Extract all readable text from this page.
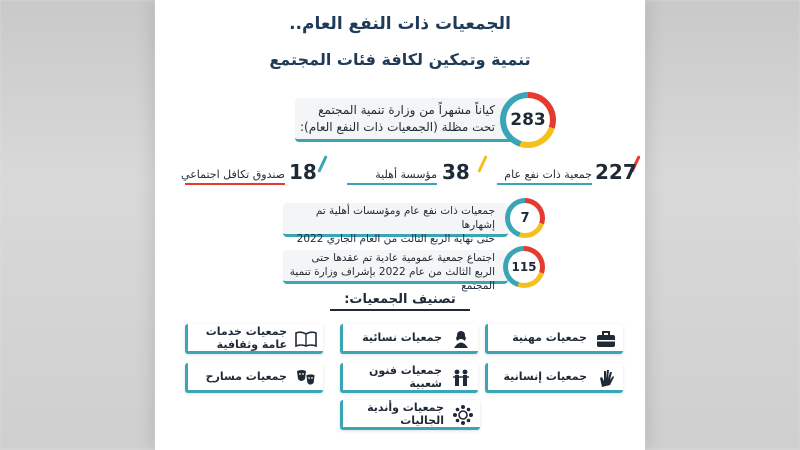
الجمعيات ذات النفع العام..
تنمية وتمكين لكافة فئات المجتمع
كياناً مشهراً من وزارة تنمية المجتمع
تحت مظلة (الجمعيات ذات النفع العام): 283
227
جمعية ذات نفع عام
38
مؤسسة أهلية
18
صندوق تكافل اجتماعي
جمعيات ذات نفع عام ومؤسسات أهلية تم إشهارها
حتى نهاية الربع الثالث من العام الجاري 2022
7
اجتماع جمعية عمومية عادية تم عقدها حتى
الربع الثالث من عام 2022 بإشراف وزارة تنمية المجتمع
115
تصنيف الجمعيات:
جمعيات مهنية
جمعيات نسائية
جمعيات خدمات عامة وثقافية
جمعيات إنسانية
جمعيات فنون شعبية
جمعيات مسارح
جمعيات وأندية الجاليات
